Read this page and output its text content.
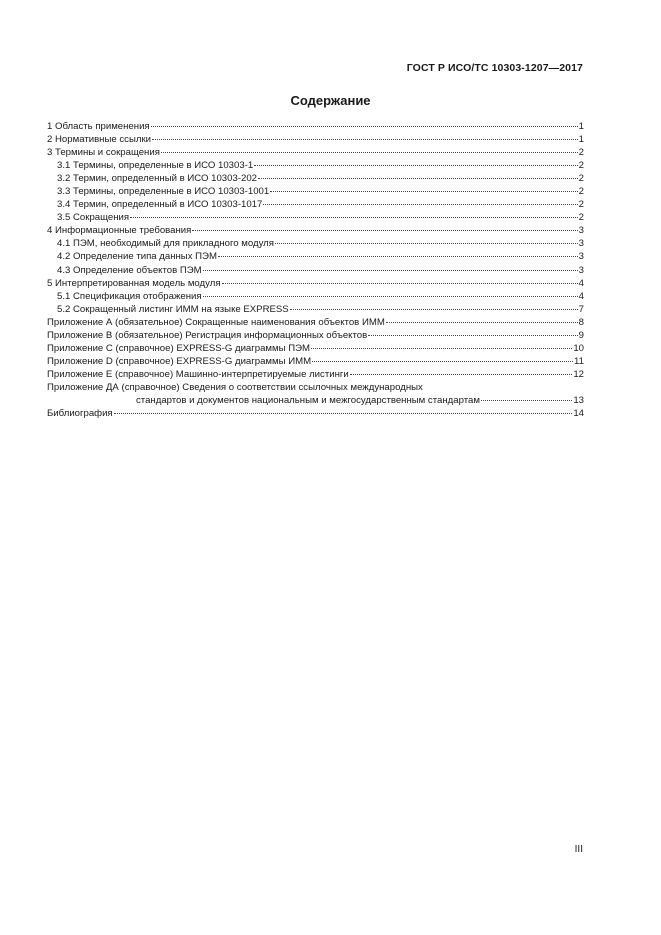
ГОСТ Р ИСО/ТС 10303-1207—2017
Содержание
1 Область применения	1
2 Нормативные ссылки	1
3 Термины и сокращения	2
3.1 Термины, определенные в ИСО 10303-1	2
3.2 Термин, определенный в ИСО 10303-202	2
3.3 Термины, определенные в ИСО 10303-1001	2
3.4 Термин, определенный в ИСО 10303-1017	2
3.5 Сокращения	2
4 Информационные требования	3
4.1 ПЭМ, необходимый для прикладного модуля	3
4.2 Определение типа данных ПЭМ	3
4.3 Определение объектов ПЭМ	3
5 Интерпретированная модель модуля	4
5.1 Спецификация отображения	4
5.2 Сокращенный листинг ИММ на языке EXPRESS	7
Приложение А (обязательное) Сокращенные наименования объектов ИММ	8
Приложение В (обязательное) Регистрация информационных объектов	9
Приложение С (справочное) EXPRESS-G диаграммы ПЭМ	10
Приложение D (справочное) EXPRESS-G диаграммы ИММ	11
Приложение Е (справочное) Машинно-интерпретируемые листинги	12
Приложение ДА (справочное) Сведения о соответствии ссылочных международных
стандартов и документов национальным и межгосударственным стандартам	13
Библиография	14
III
